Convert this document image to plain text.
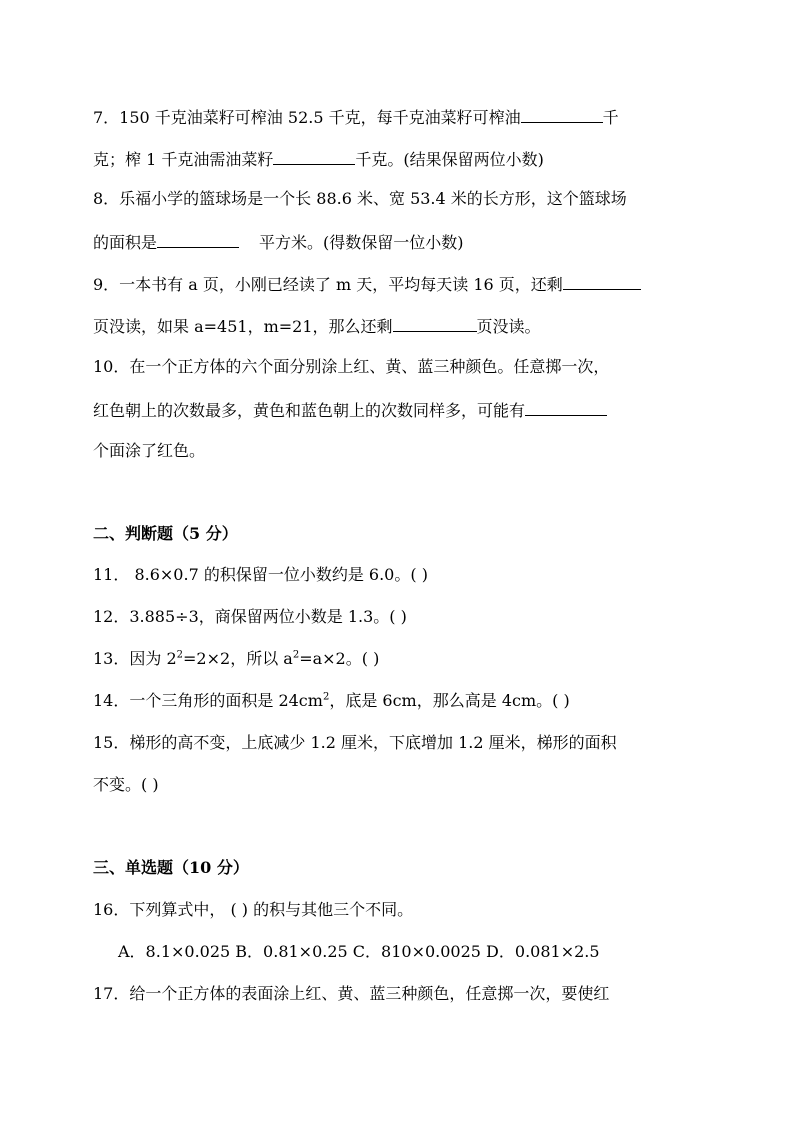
7．150 千克油菜籽可榨油 52.5 千克，每千克油菜籽可榨油	千
克；榨 1 千克油需油菜籽	千克。(结果保留两位小数)
8．乐福小学的篮球场是一个长 88.6 米、宽 53.4 米的长方形，这个篮球场
的面积是	平方米。(得数保留一位小数)
9．一本书有 a 页，小刚已经读了 m 天，平均每天读 16 页，还剩
页没读，如果 a=451，m=21，那么还剩	页没读。
10．在一个正方体的六个面分别涂上红、黄、蓝三种颜色。任意掷一次，
红色朝上的次数最多，黄色和蓝色朝上的次数同样多，可能有
个面涂了红色。
二、判断题（5 分）
11． 8.6×0.7 的积保留一位小数约是 6.0。( )
12．3.885÷3，商保留两位小数是 1.3。( )
13．因为 $2^2=2\times 2$，所以 $a^2=a\times 2$。( )
14．一个三角形的面积是 $24cm^2$，底是 6cm，那么高是 4cm。( )
15．梯形的高不变，上底减少 1.2 厘米，下底增加 1.2 厘米，梯形的面积
不变。( )
三、单选题（10 分）
16．下列算式中， ( ) 的积与其他三个不同。
A．8.1×0.025 B．0.81×0.25 C．810×0.0025 D．0.081×2.5
17．给一个正方体的表面涂上红、黄、蓝三种颜色，任意掷一次，要使红
